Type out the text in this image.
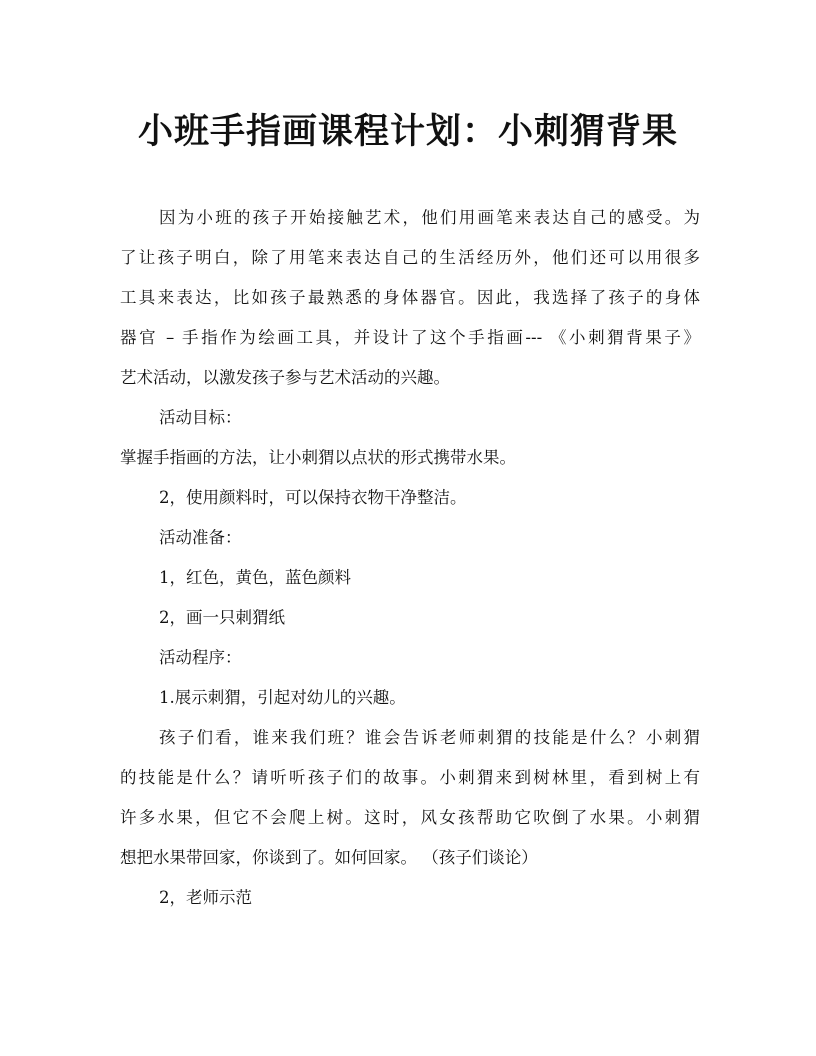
小班手指画课程计划：小刺猬背果

因为小班的孩子开始接触艺术，他们用画笔来表达自己的感受。为

了让孩子明白，除了用笔来表达自己的生活经历外，他们还可以用很多

工具来表达，比如孩子最熟悉的身体器官。因此，我选择了孩子的身体

器官 – 手指作为绘画工具，并设计了这个手指画--- 《小刺猬背果子》

艺术活动，以激发孩子参与艺术活动的兴趣。

活动目标：

掌握手指画的方法，让小刺猬以点状的形式携带水果。

2，使用颜料时，可以保持衣物干净整洁。

活动准备：

1，红色，黄色，蓝色颜料

2，画一只刺猬纸

活动程序：

1.展示刺猬，引起对幼儿的兴趣。

孩子们看，谁来我们班？谁会告诉老师刺猬的技能是什么？小刺猬

的技能是什么？请听听孩子们的故事。小刺猬来到树林里，看到树上有

许多水果，但它不会爬上树。这时，风女孩帮助它吹倒了水果。小刺猬

想把水果带回家，你谈到了。如何回家。 （孩子们谈论）

2，老师示范
